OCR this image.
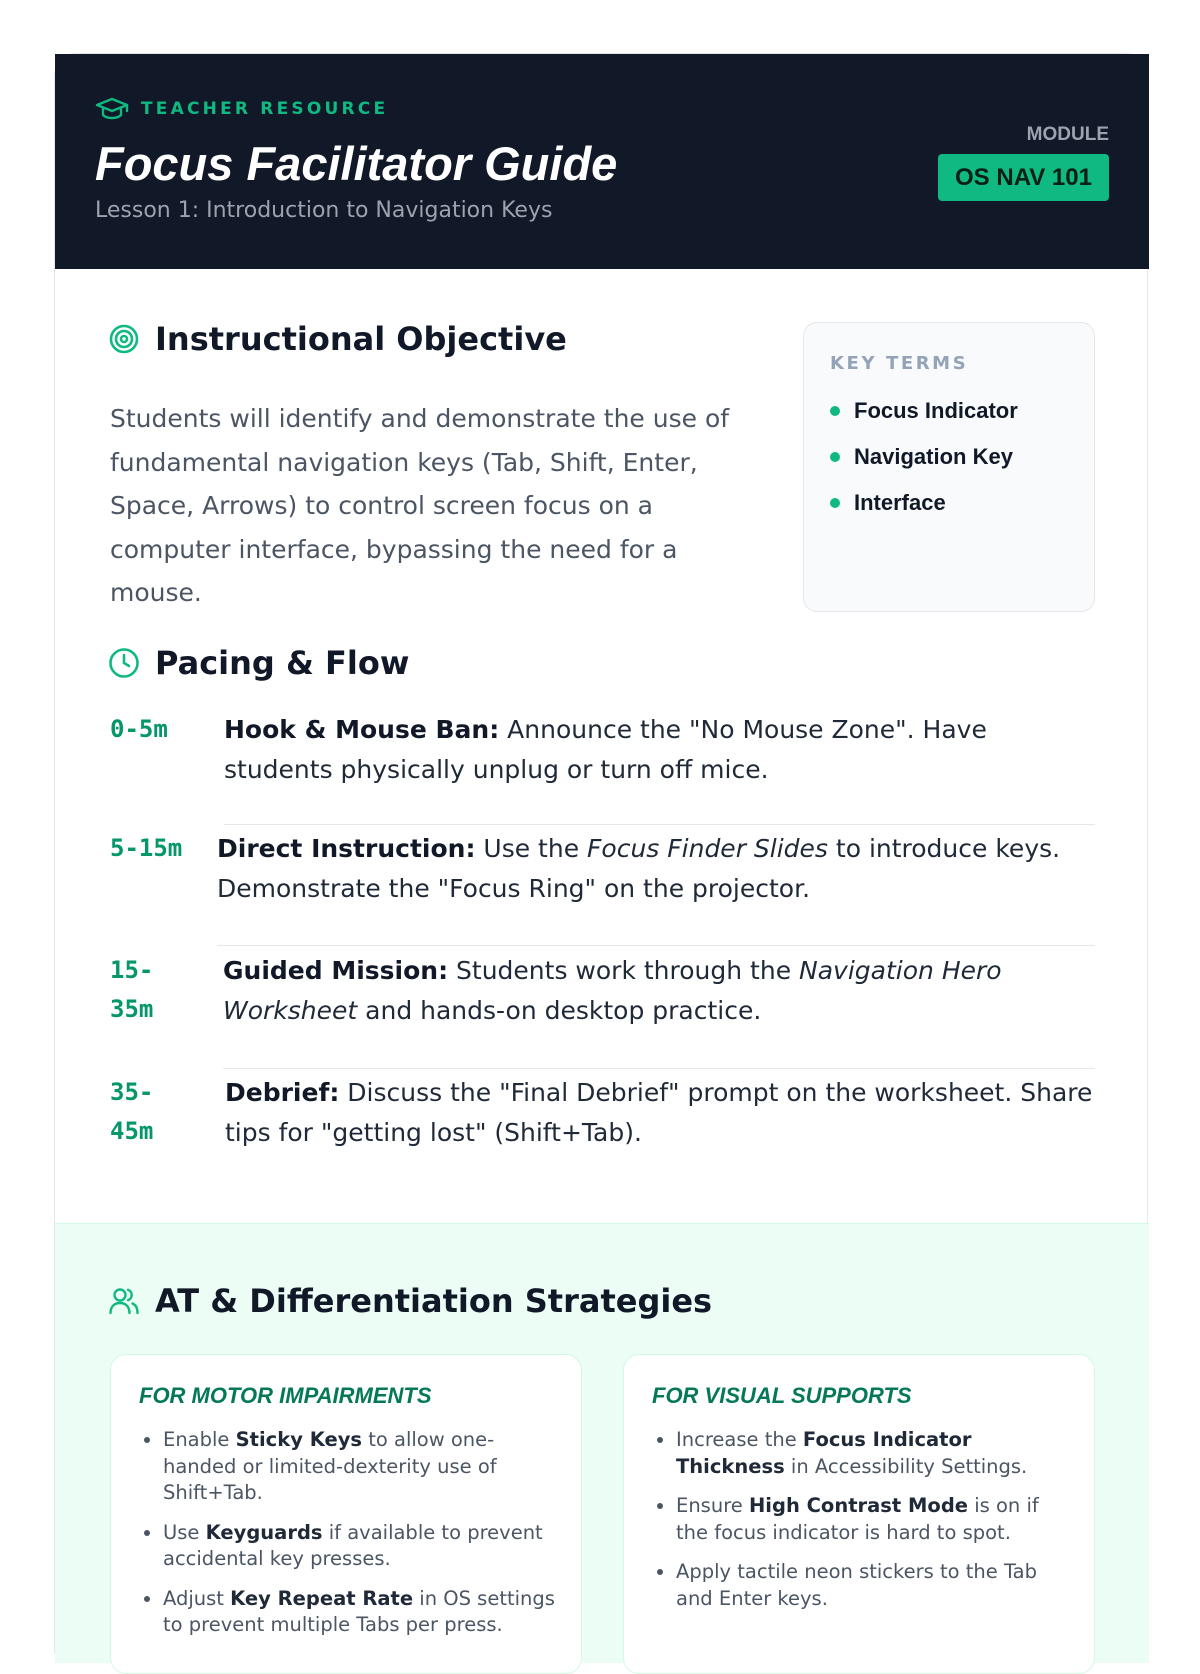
TEACHER RESOURCE
Focus Facilitator Guide
Lesson 1: Introduction to Navigation Keys
MODULE
OS NAV 101
Instructional Objective

Students will identify and demonstrate the use of fundamental navigation keys (Tab, Shift, Enter, Space, Arrows) to control screen focus on a computer interface, bypassing the need for a mouse.

KEY TERMS
Focus Indicator
Navigation Key
Interface
Pacing & Flow
0-5m Hook & Mouse Ban: Announce the "No Mouse Zone". Have students physically unplug or turn off mice.
5-15m Direct Instruction: Use the Focus Finder Slides to introduce keys. Demonstrate the "Focus Ring" on the projector.
15-
35m
Guided Mission: Students work through the Navigation Hero Worksheet and hands-on desktop practice.
35-
45m
Debrief: Discuss the "Final Debrief" prompt on the worksheet. Share tips for "getting lost" (Shift+Tab).
AT & Differentiation Strategies
FOR MOTOR IMPAIRMENTS
• Enable Sticky Keys to allow one-handed or limited-dexterity use of Shift+Tab.
• Use Keyguards if available to prevent accidental key presses.
• Adjust Key Repeat Rate in OS settings to prevent multiple Tabs per press.
FOR VISUAL SUPPORTS
• Increase the Focus Indicator Thickness in Accessibility Settings.
• Ensure High Contrast Mode is on if the focus indicator is hard to spot.
• Apply tactile neon stickers to the Tab and Enter keys.
